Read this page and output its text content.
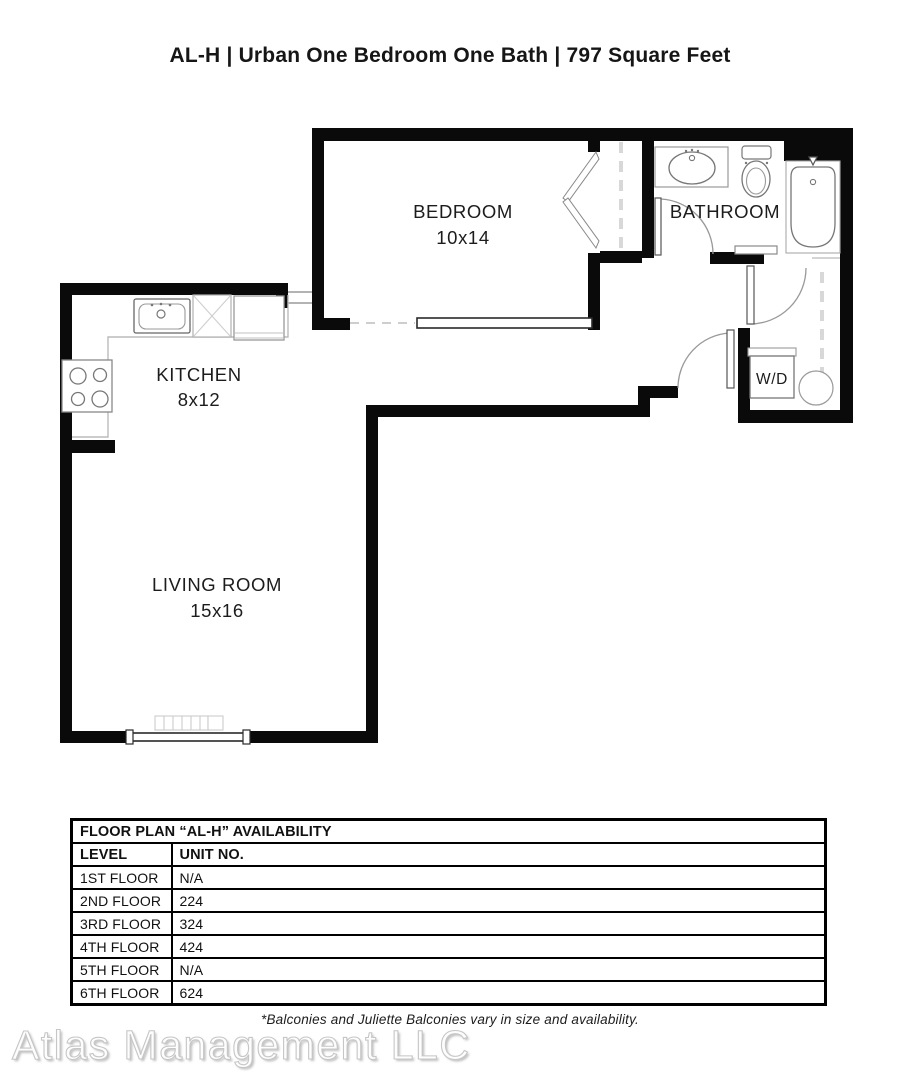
AL-H | Urban One Bedroom One Bath | 797 Square Feet
BEDROOM
10x14
BATHROOM
KITCHEN
8x12
LIVING ROOM
15x16
W/D
FLOOR PLAN “AL-H” AVAILABILITY	
LEVEL	UNIT NO.
1ST FLOOR	N/A
2ND FLOOR	224
3RD FLOOR	324
4TH FLOOR	424
5TH FLOOR	N/A
6TH FLOOR	624
*Balconies and Juliette Balconies vary in size and availability.
Atlas Management LLC
